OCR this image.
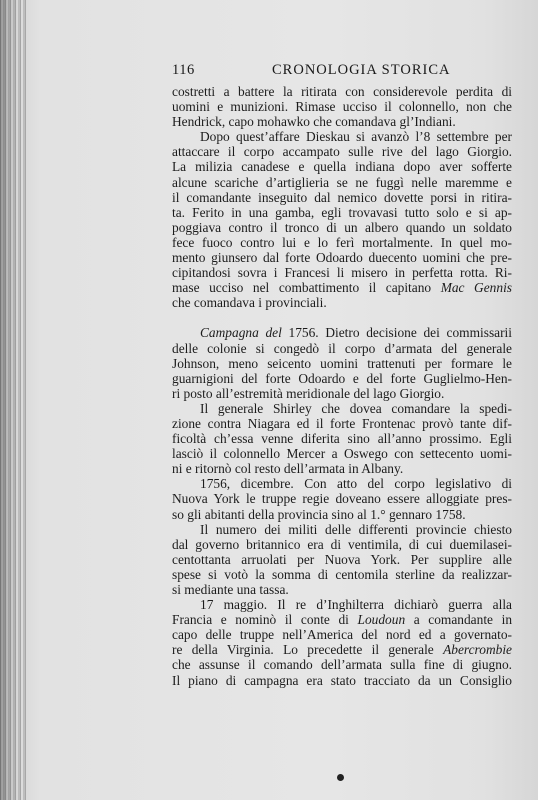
116	CRONOLOGIA STORICA
costretti a battere la ritirata con considerevole perdita di
uomini e munizioni. Rimase ucciso il colonnello, non che
Hendrick, capo mohawko che comandava gl’Indiani.
Dopo quest’affare Dieskau si avanzò l’8 settembre per
attaccare il corpo accampato sulle rive del lago Giorgio.
La milizia canadese e quella indiana dopo aver sofferte
alcune scariche d’artiglieria se ne fuggì nelle maremme e
il comandante inseguito dal nemico dovette porsi in ritira-
ta. Ferito in una gamba, egli trovavasi tutto solo e si ap-
poggiava contro il tronco di un albero quando un soldato
fece fuoco contro lui e lo ferì mortalmente. In quel mo-
mento giunsero dal forte Odoardo duecento uomini che pre-
cipitandosi sovra i Francesi li misero in perfetta rotta. Ri-
mase ucciso nel combattimento il capitano Mac Gennis
che comandava i provinciali.
Campagna del 1756. Dietro decisione dei commissarii
delle colonie si congedò il corpo d’armata del generale
Johnson, meno seicento uomini trattenuti per formare le
guarnigioni del forte Odoardo e del forte Guglielmo-Hen-
ri posto all’estremità meridionale del lago Giorgio.
Il generale Shirley che dovea comandare la spedi-
zione contra Niagara ed il forte Frontenac provò tante dif-
ficoltà ch’essa venne diferita sino all’anno prossimo. Egli
lasciò il colonnello Mercer a Oswego con settecento uomi-
ni e ritornò col resto dell’armata in Albany.
1756, dicembre. Con atto del corpo legislativo di
Nuova York le truppe regie doveano essere alloggiate pres-
so gli abitanti della provincia sino al 1.° gennaro 1758.
Il numero dei militi delle differenti provincie chiesto
dal governo britannico era di ventimila, di cui duemilasei-
centottanta arruolati per Nuova York. Per supplire alle
spese si votò la somma di centomila sterline da realizzar-
si mediante una tassa.
17 maggio. Il re d’Inghilterra dichiarò guerra alla
Francia e nominò il conte di Loudoun a comandante in
capo delle truppe nell’America del nord ed a governato-
re della Virginia. Lo precedette il generale Abercrombie
che assunse il comando dell’armata sulla fine di giugno.
Il piano di campagna era stato tracciato da un Consiglio
